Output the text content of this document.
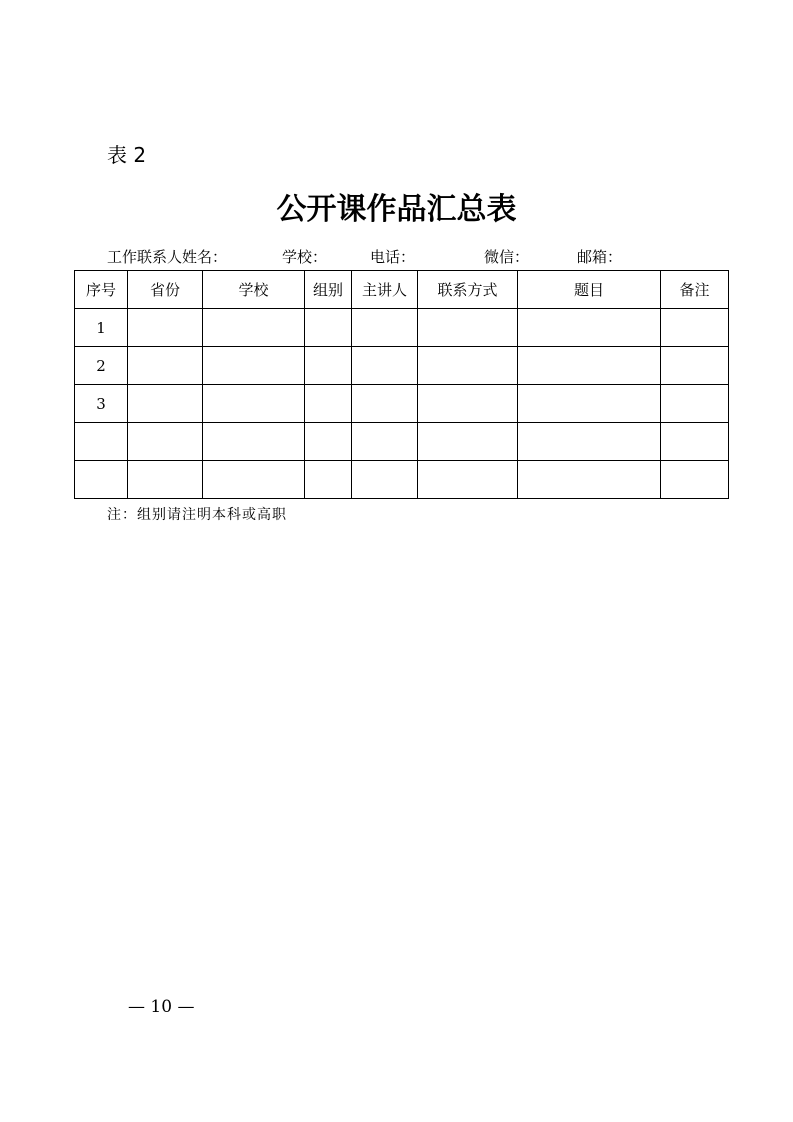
表 2
公开课作品汇总表
工作联系人姓名：	学校：	电话：	微信：	邮箱：
序号	省份	学校	组别	主讲人	联系方式	题目	备注
1							
2							
3							

注：组别请注明本科或高职
— 10 —
